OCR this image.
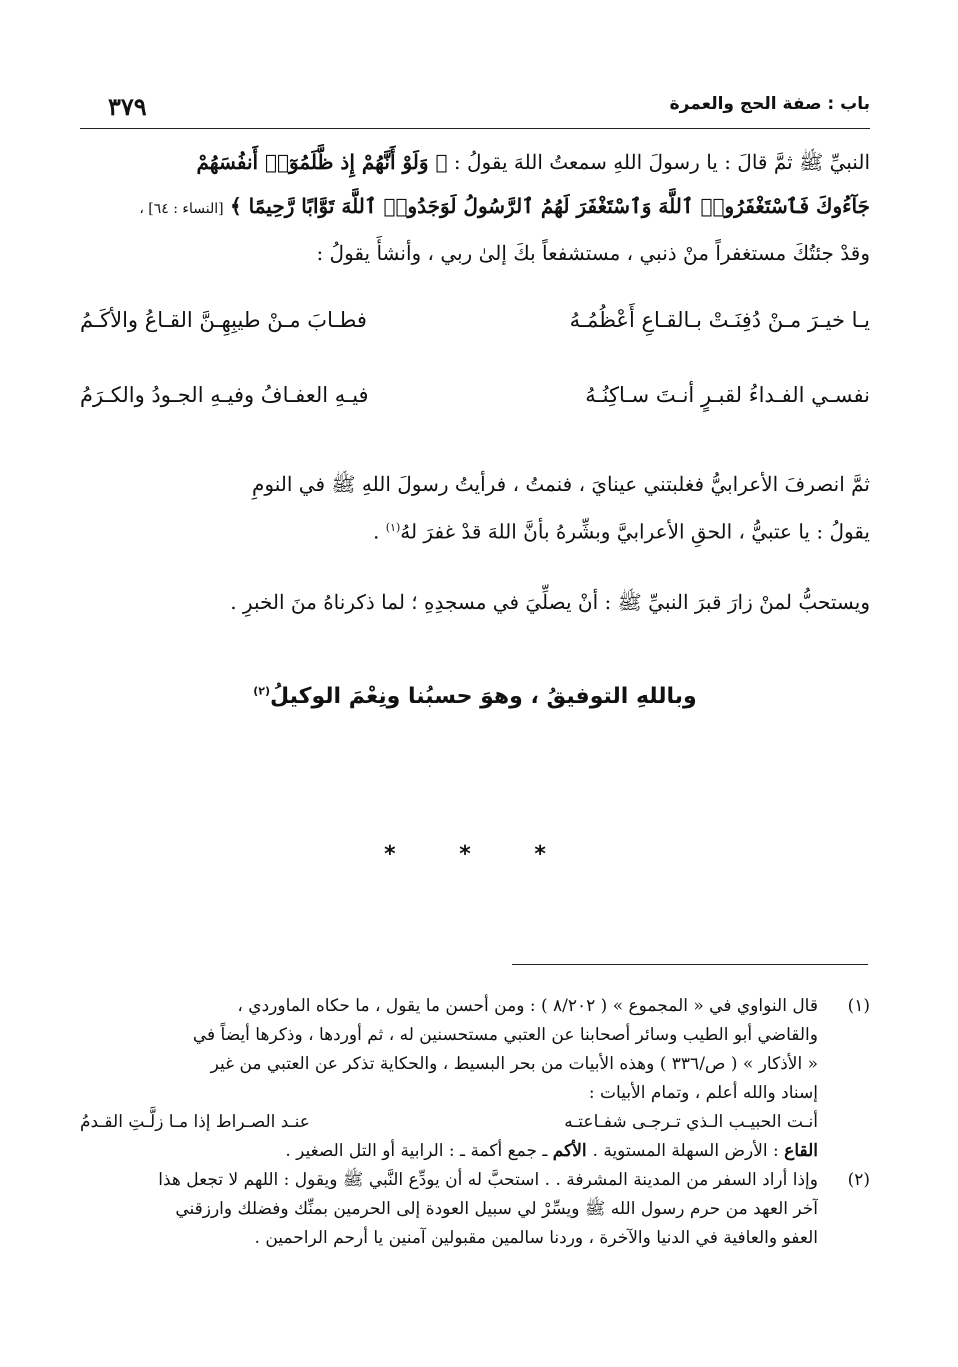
باب : صفة الحج والعمرة
٣٧٩
النبيِّ ﷺ ثمَّ قالَ : يا رسولَ اللهِ سمعتُ اللهَ يقولُ : ﴿ وَلَوْ أَنَّهُمْ إِذ ظَّلَمُوٓا۟ أَنفُسَهُمْ
جَآءُوكَ فَٱسْتَغْفَرُوا۟ ٱللَّهَ وَٱسْتَغْفَرَ لَهُمُ ٱلرَّسُولُ لَوَجَدُوا۟ ٱللَّهَ تَوَّابًا رَّحِيمًا ﴾ [النساء : ٦٤] ،
وقدْ جئتُكَ مستغفراً منْ ذنبي ، مستشفعاً بكَ إلىٰ ربي ، وأنشأَ يقولُ :
يـا خيـرَ مـنْ دُفِنَـتْ بـالقـاعِ أَعْظُمُـهُ
فطـابَ مـنْ طيبِهِـنَّ القـاعُ والأكَـمُ
نفسـي الفـداءُ لقبـرٍ أنـتَ سـاكِنُـهُ
فيـهِ العفـافُ وفيـهِ الجـودُ والكـرَمُ
ثمَّ انصرفَ الأعرابيُّ فغلبتني عينايَ ، فنمتُ ، فرأيتُ رسولَ اللهِ ﷺ في النومِ
يقولُ : يا عتبيُّ ، الحقِ الأعرابيَّ وبشِّرهُ بأنَّ اللهَ قدْ غفرَ لهُ$^{(١)}$ .
ويستحبُّ لمنْ زارَ قبرَ النبيِّ ﷺ : أنْ يصلِّيَ في مسجدِهِ ؛ لما ذكرناهُ منَ الخبرِ .
وباللهِ التوفيقُ ، وهوَ حسبُنا ونِعْمَ الوكيلُ$^{(٢)}$
* * *
(١)
قال النواوي في « المجموع » ( ٨/٢٠٢ ) : ومن أحسن ما يقول ، ما حكاه الماوردي ،
والقاضي أبو الطيب وسائر أصحابنا عن العتبي مستحسنين له ، ثم أوردها ، وذكرها أيضاً في
« الأذكار » ( ص/٣٣٦ ) وهذه الأبيات من بحر البسيط ، والحكاية تذكر عن العتبي من غير
إسناد والله أعلم ، وتمام الأبيات :
أنـت الحبيـب الـذي تـرجـى شفـاعتـه
عنـد الصـراط إذا مـا زلَّـتِ القـدمُ
القاع : الأرض السهلة المستوية . الأكم ـ جمع أكمة ـ : الرابية أو التل الصغير .
(٢)
وإذا أراد السفر من المدينة المشرفة . . استحبَّ له أن يودِّع النَّبي ﷺ ويقول : اللهم لا تجعل هذا
آخر العهد من حرم رسول الله ﷺ ويسِّرْ لي سبيل العودة إلى الحرمين بمنِّك وفضلك وارزقني
العفو والعافية في الدنيا والآخرة ، وردنا سالمين مقبولين آمنين يا أرحم الراحمين .
